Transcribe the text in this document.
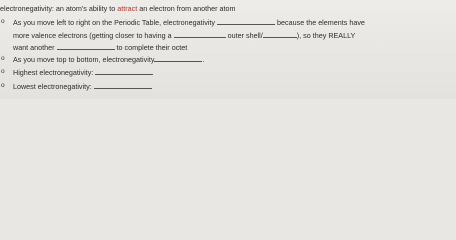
electronegativity: an atom's ability to attract an electron from another atom
o As you move left to right on the Periodic Table, electronegativity	because the elements have
more valence electrons (getting closer to having a	outer shell/	), so they REALLY
want another	to complete their octet
o As you move top to bottom, electronegativity	.
o Highest electronegativity:
o Lowest electronegativity:
